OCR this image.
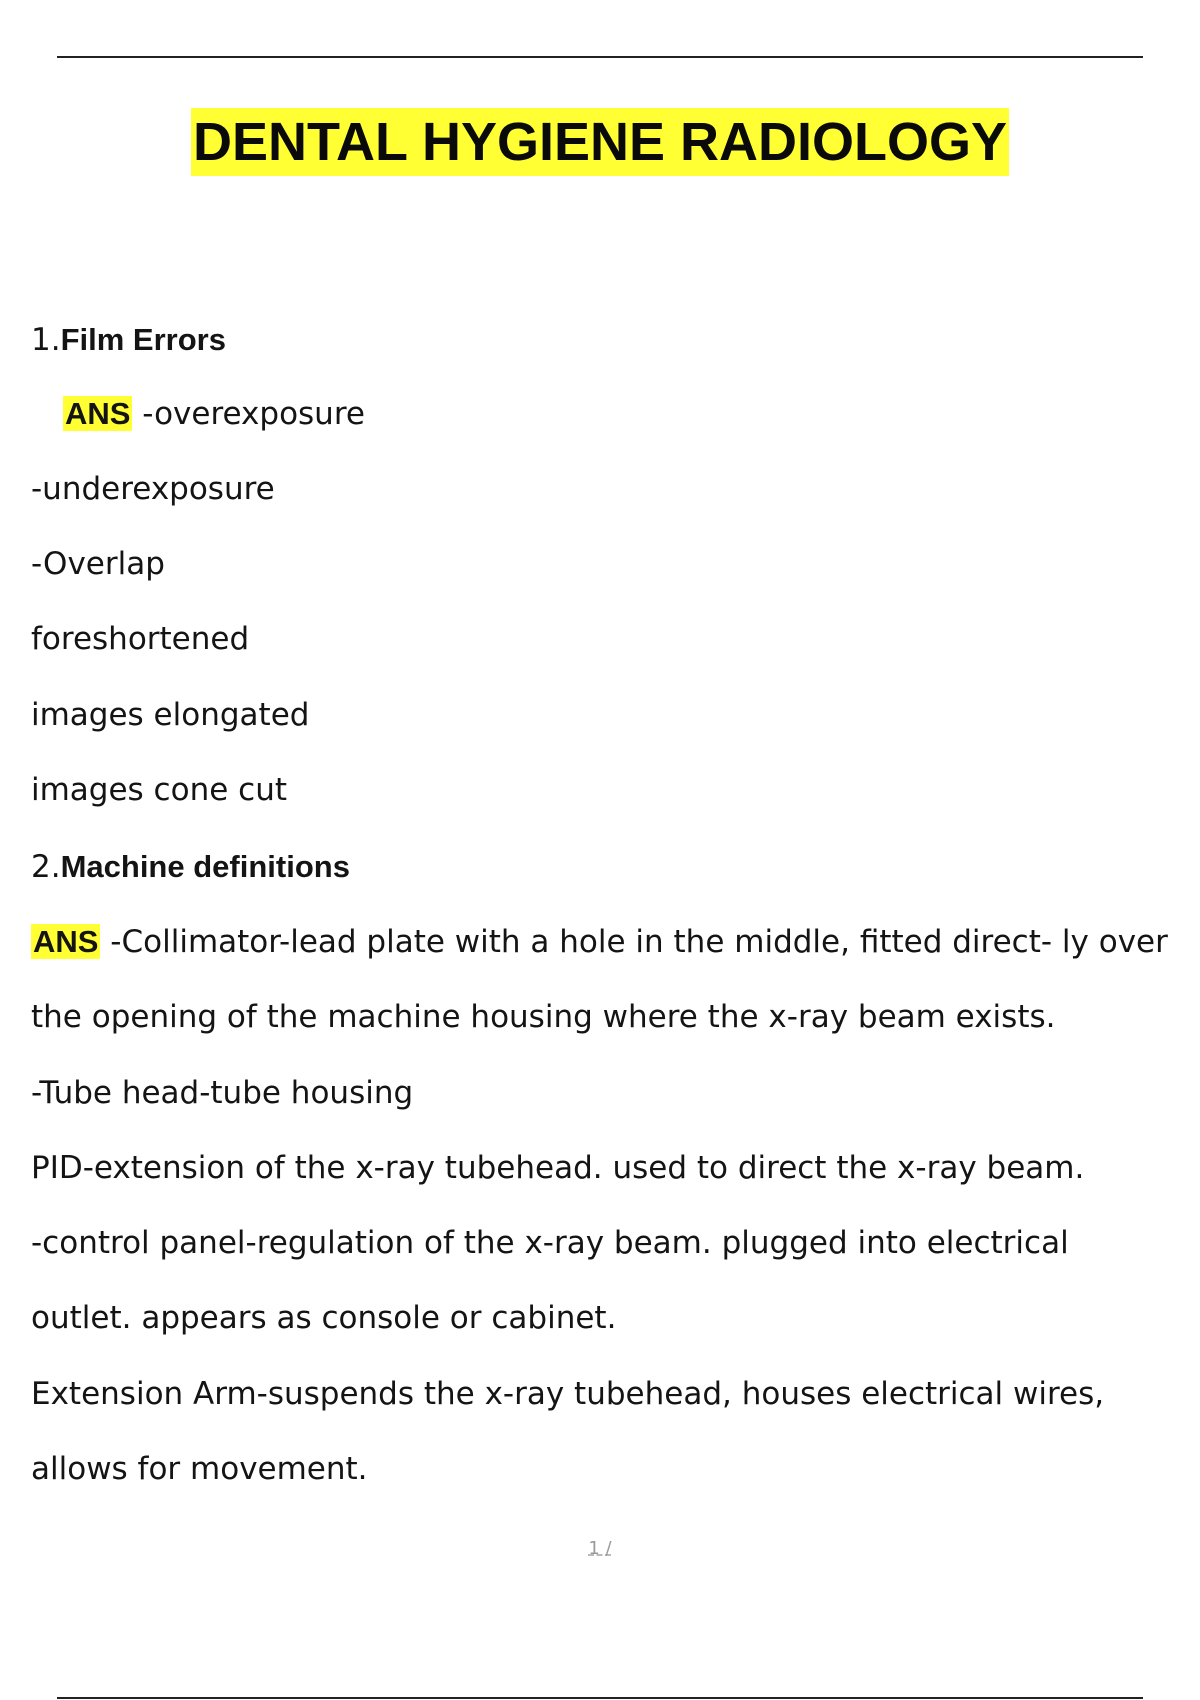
DENTAL HYGIENE RADIOLOGY
1.Film Errors
ANS -overexposure
-underexposure
-Overlap
foreshortened
images elongated
images cone cut
2.Machine definitions
ANS -Collimator-lead plate with a hole in the middle, fitted direct- ly over
the opening of the machine housing where the x-ray beam exists.
-Tube head-tube housing
PID-extension of the x-ray tubehead. used to direct the x-ray beam.
-control panel-regulation of the x-ray beam. plugged into electrical
outlet. appears as console or cabinet.
Extension Arm-suspends the x-ray tubehead, houses electrical wires,
allows for movement.
1 /
